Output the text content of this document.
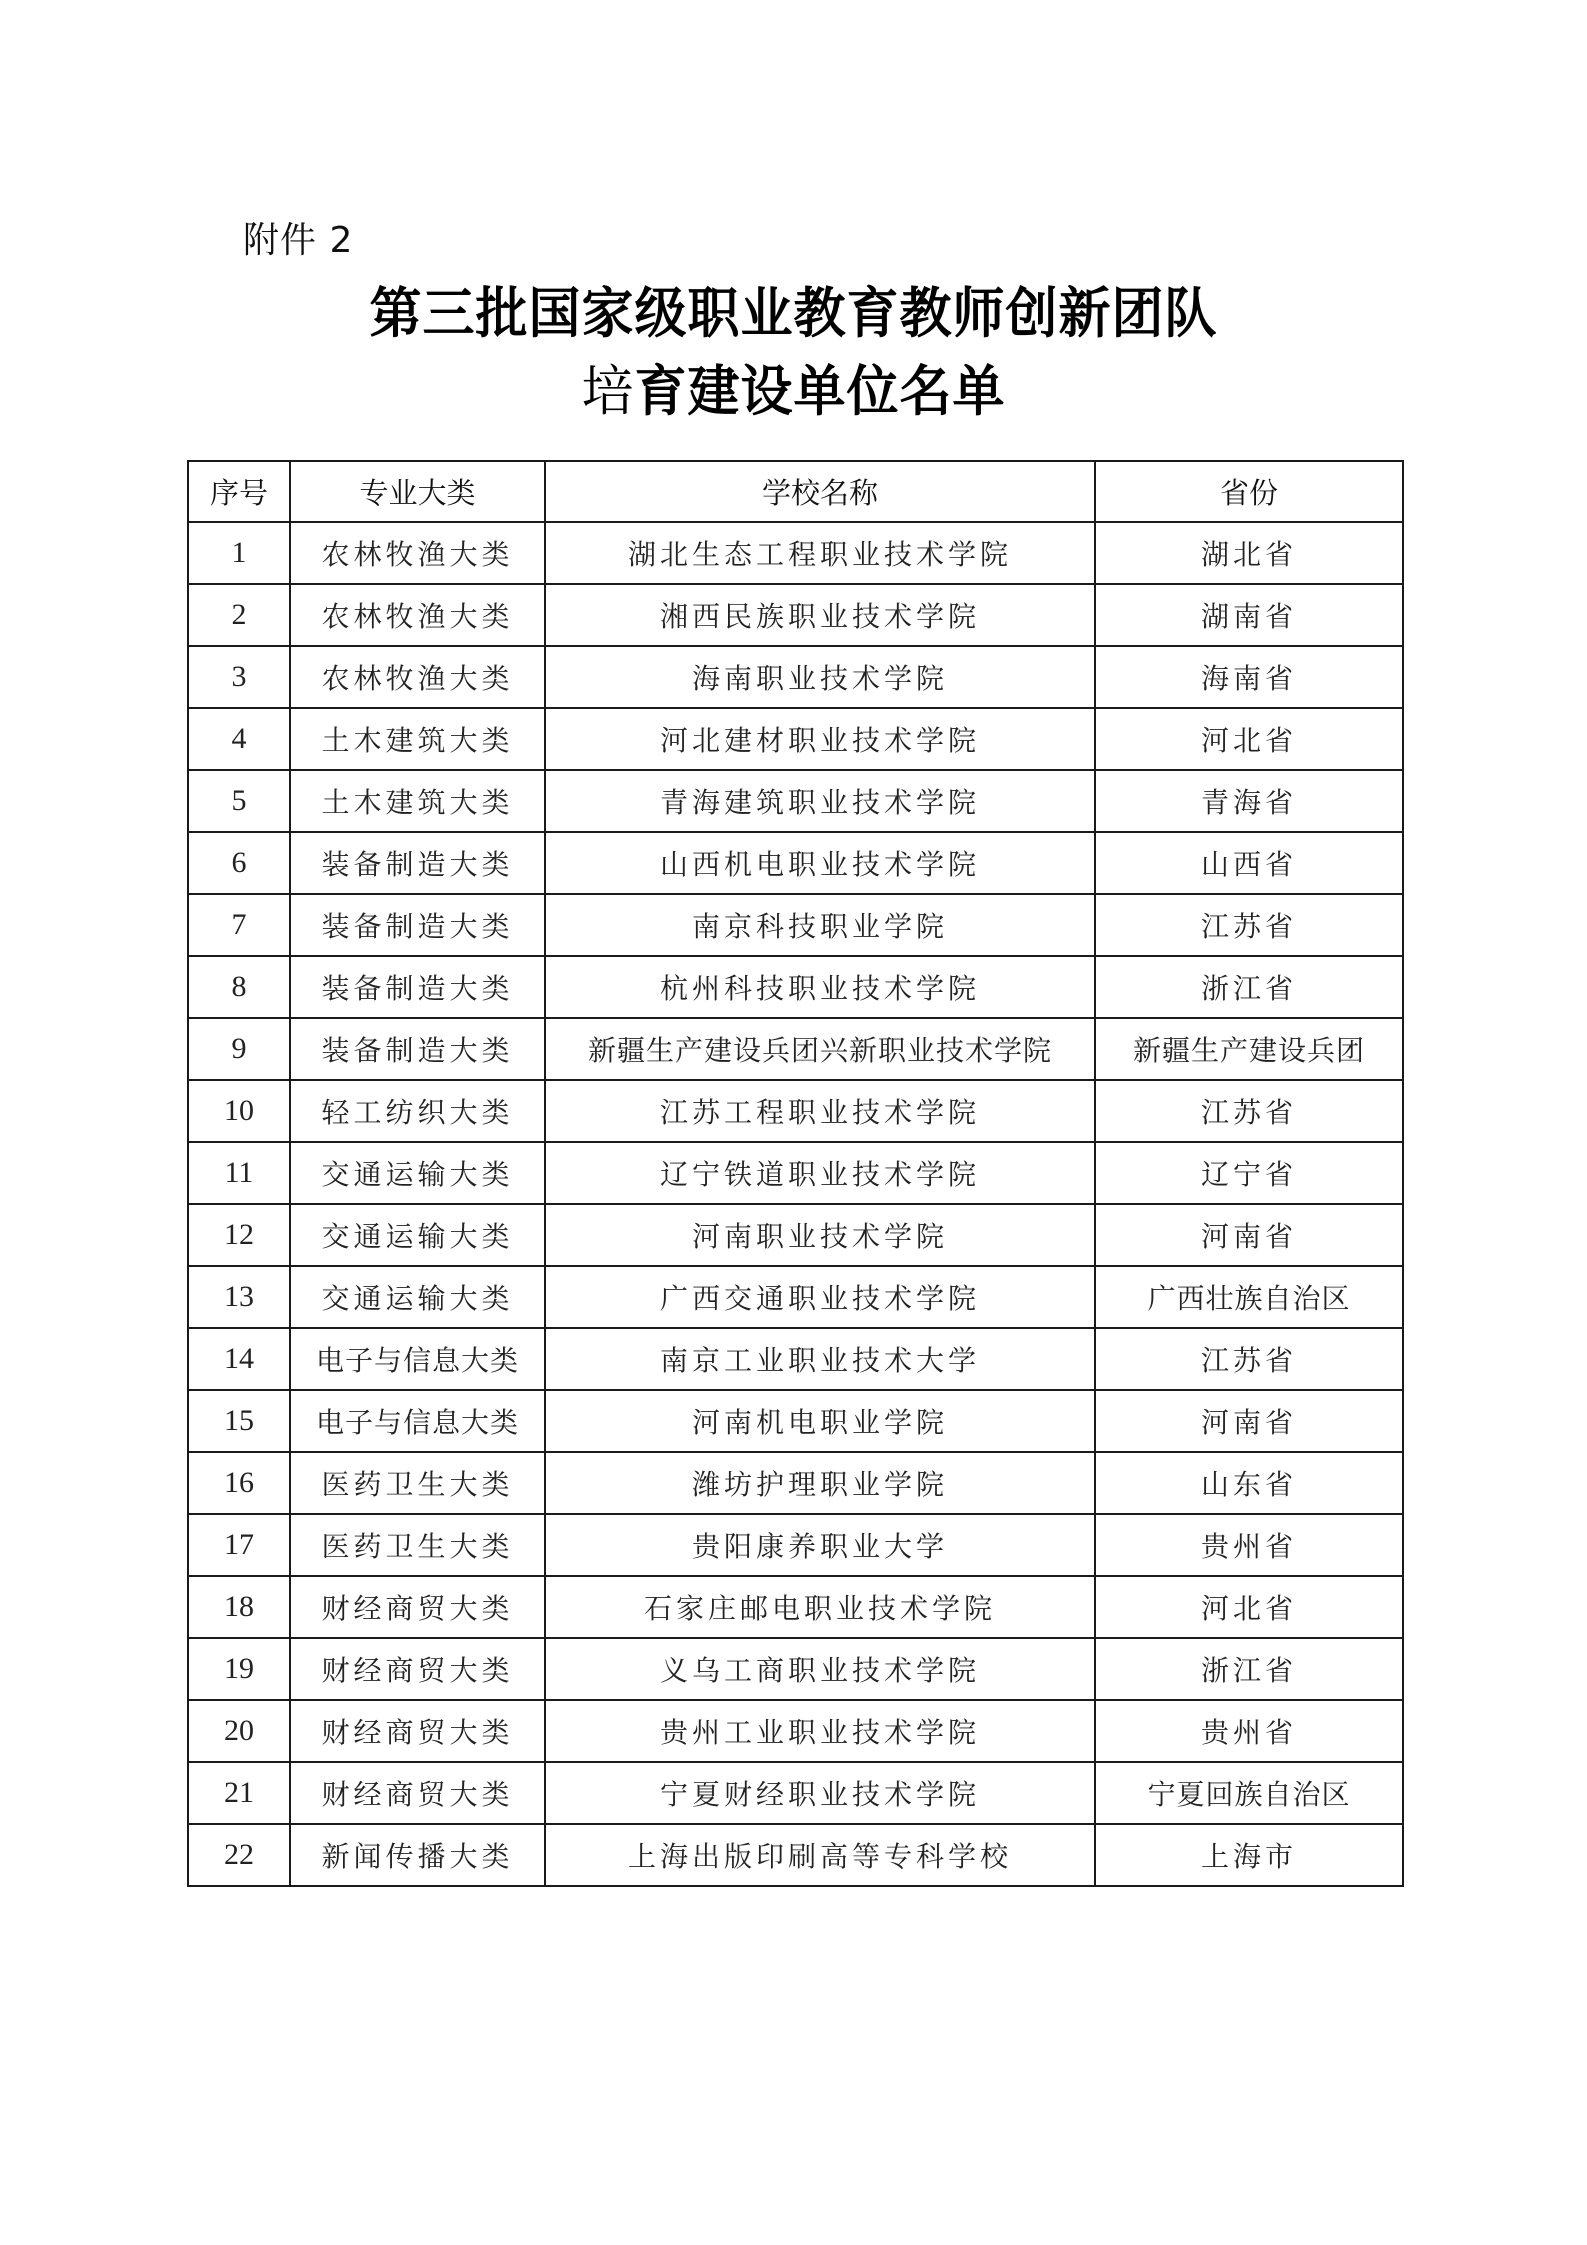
附件 2
第三批国家级职业教育教师创新团队
培育建设单位名单
序号	专业大类	学校名称	省份
1	农林牧渔大类	湖北生态工程职业技术学院	湖北省
2	农林牧渔大类	湘西民族职业技术学院	湖南省
3	农林牧渔大类	海南职业技术学院	海南省
4	土木建筑大类	河北建材职业技术学院	河北省
5	土木建筑大类	青海建筑职业技术学院	青海省
6	装备制造大类	山西机电职业技术学院	山西省
7	装备制造大类	南京科技职业学院	江苏省
8	装备制造大类	杭州科技职业技术学院	浙江省
9	装备制造大类	新疆生产建设兵团兴新职业技术学院	新疆生产建设兵团
10	轻工纺织大类	江苏工程职业技术学院	江苏省
11	交通运输大类	辽宁铁道职业技术学院	辽宁省
12	交通运输大类	河南职业技术学院	河南省
13	交通运输大类	广西交通职业技术学院	广西壮族自治区
14	电子与信息大类	南京工业职业技术大学	江苏省
15	电子与信息大类	河南机电职业学院	河南省
16	医药卫生大类	潍坊护理职业学院	山东省
17	医药卫生大类	贵阳康养职业大学	贵州省
18	财经商贸大类	石家庄邮电职业技术学院	河北省
19	财经商贸大类	义乌工商职业技术学院	浙江省
20	财经商贸大类	贵州工业职业技术学院	贵州省
21	财经商贸大类	宁夏财经职业技术学院	宁夏回族自治区
22	新闻传播大类	上海出版印刷高等专科学校	上海市
